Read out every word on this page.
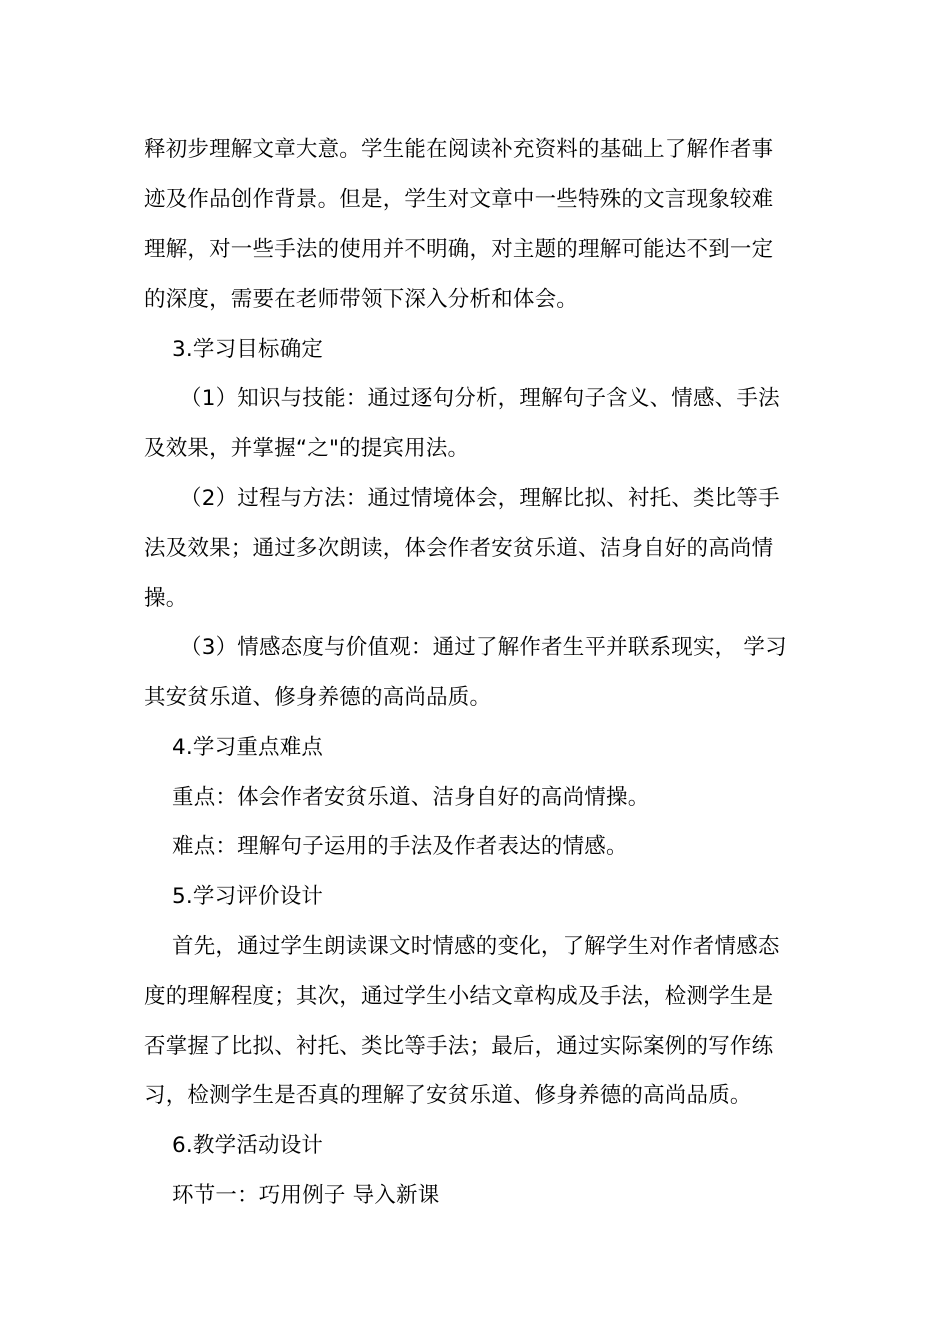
释初步理解文章大意。学生能在阅读补充资料的基础上了解作者事
迹及作品创作背景。但是，学生对文章中一些特殊的文言现象较难
理解，对一些手法的使用并不明确，对主题的理解可能达不到一定
的深度，需要在老师带领下深入分析和体会。
3.学习目标确定
（1）知识与技能：通过逐句分析，理解句子含义、情感、手法
及效果，并掌握“之"的提宾用法。
（2）过程与方法：通过情境体会，理解比拟、衬托、类比等手
法及效果；通过多次朗读，体会作者安贫乐道、洁身自好的高尚情
操。
（3）情感态度与价值观：通过了解作者生平并联系现实， 学习
其安贫乐道、修身养德的高尚品质。
4.学习重点难点
重点：体会作者安贫乐道、洁身自好的高尚情操。
难点：理解句子运用的手法及作者表达的情感。
5.学习评价设计
首先，通过学生朗读课文时情感的变化，了解学生对作者情感态
度的理解程度；其次，通过学生小结文章构成及手法，检测学生是
否掌握了比拟、衬托、类比等手法；最后，通过实际案例的写作练
习，检测学生是否真的理解了安贫乐道、修身养德的高尚品质。
6.教学活动设计
环节一：巧用例子 导入新课
